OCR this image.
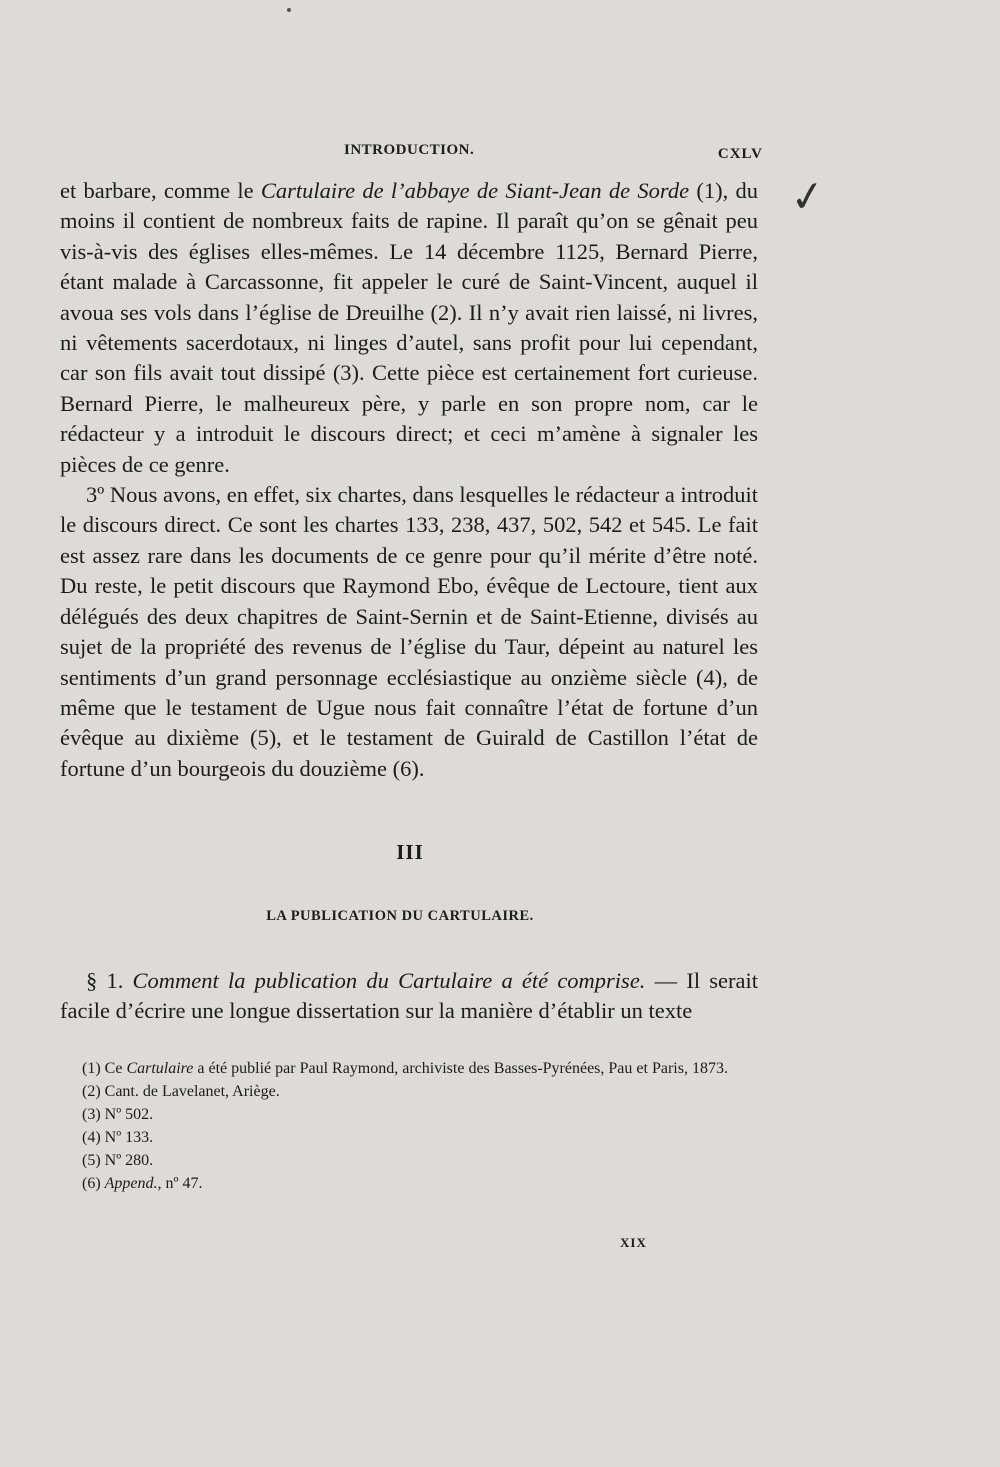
INTRODUCTION.	CXLV
✓

et barbare, comme le Cartulaire de l’abbaye de Siant-Jean de Sorde (1), du moins il contient de nombreux faits de rapine. Il paraît qu’on se gênait peu vis-à-vis des églises elles-mêmes. Le 14 décembre 1125, Bernard Pierre, étant malade à Carcassonne, fit appeler le curé de Saint-Vincent, auquel il avoua ses vols dans l’église de Dreuilhe (2). Il n’y avait rien laissé, ni livres, ni vêtements sacerdotaux, ni linges d’autel, sans profit pour lui cependant, car son fils avait tout dissipé (3). Cette pièce est certainement fort curieuse. Bernard Pierre, le malheureux père, y parle en son propre nom, car le rédacteur y a introduit le discours direct; et ceci m’amène à signaler les pièces de ce genre.

3º Nous avons, en effet, six chartes, dans lesquelles le rédacteur a introduit le discours direct. Ce sont les chartes 133, 238, 437, 502, 542 et 545. Le fait est assez rare dans les documents de ce genre pour qu’il mérite d’être noté. Du reste, le petit discours que Raymond Ebo, évêque de Lectoure, tient aux délégués des deux chapitres de Saint-Sernin et de Saint-Etienne, divisés au sujet de la propriété des revenus de l’église du Taur, dépeint au naturel les sentiments d’un grand personnage ecclésiastique au onzième siècle (4), de même que le testament de Ugue nous fait connaître l’état de fortune d’un évêque au dixième (5), et le testament de Guirald de Castillon l’état de fortune d’un bourgeois du douzième (6).

III
LA PUBLICATION DU CARTULAIRE.

§ 1. Comment la publication du Cartulaire a été comprise. — Il serait facile d’écrire une longue dissertation sur la manière d’établir un texte

(1) Ce Cartulaire a été publié par Paul Raymond, archiviste des Basses-Pyrénées, Pau et Paris, 1873.

(2) Cant. de Lavelanet, Ariège.

(3) Nº 502.

(4) Nº 133.

(5) Nº 280.

(6) Append., nº 47.

XIX
